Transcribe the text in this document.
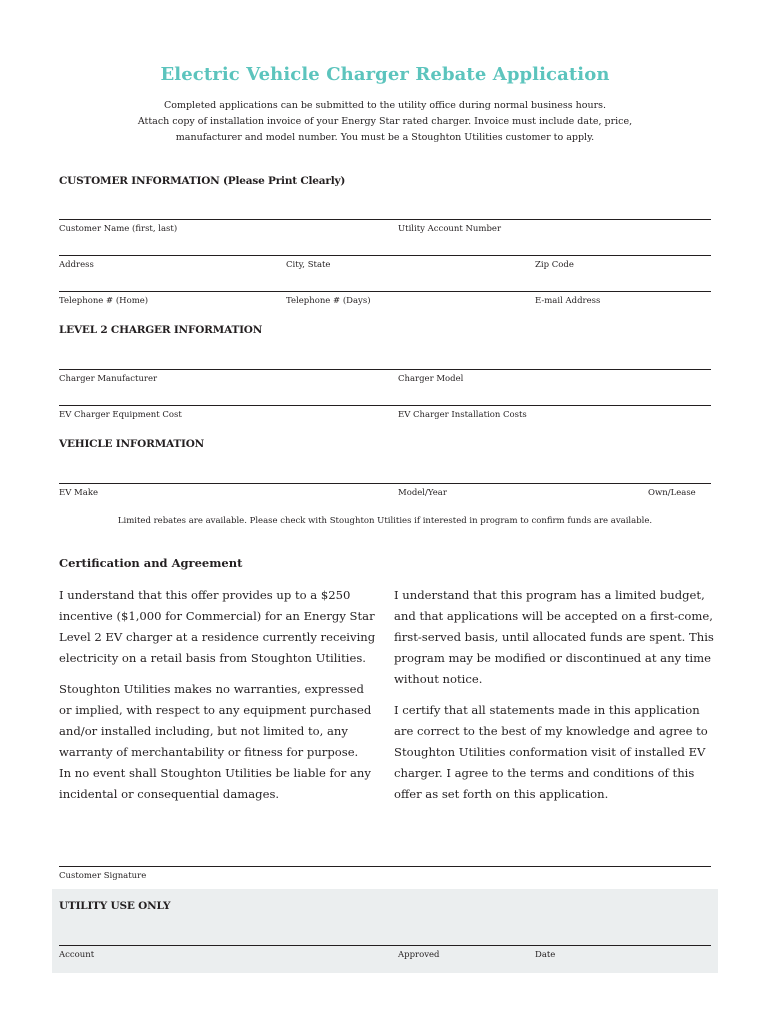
Electric Vehicle Charger Rebate Application
Completed applications can be submitted to the utility office during normal business hours.
Attach copy of installation invoice of your Energy Star rated charger. Invoice must include date, price,
manufacturer and model number. You must be a Stoughton Utilities customer to apply.
CUSTOMER INFORMATION (Please Print Clearly)
Customer Name (first, last)	Utility Account Number
Address	City, State	Zip Code
Telephone # (Home)	Telephone # (Days)	E-mail Address
LEVEL 2 CHARGER INFORMATION
Charger Manufacturer	Charger Model
EV Charger Equipment Cost	EV Charger Installation Costs
VEHICLE INFORMATION
EV Make	Model/Year	Own/Lease
Limited rebates are available. Please check with Stoughton Utilities if interested in program to confirm funds are available.
Certification and Agreement
I understand that this offer provides up to a $250
incentive ($1,000 for Commercial) for an Energy Star
Level 2 EV charger at a residence currently receiving
electricity on a retail basis from Stoughton Utilities.
Stoughton Utilities makes no warranties, expressed
or implied, with respect to any equipment purchased
and/or installed including, but not limited to, any
warranty of merchantability or fitness for purpose.
In no event shall Stoughton Utilities be liable for any
incidental or consequential damages.
I understand that this program has a limited budget,
and that applications will be accepted on a first-come,
first-served basis, until allocated funds are spent. This
program may be modified or discontinued at any time
without notice.
I certify that all statements made in this application
are correct to the best of my knowledge and agree to
Stoughton Utilities conformation visit of installed EV
charger. I agree to the terms and conditions of this
offer as set forth on this application.
Customer Signature
UTILITY USE ONLY
Account	Approved	Date
